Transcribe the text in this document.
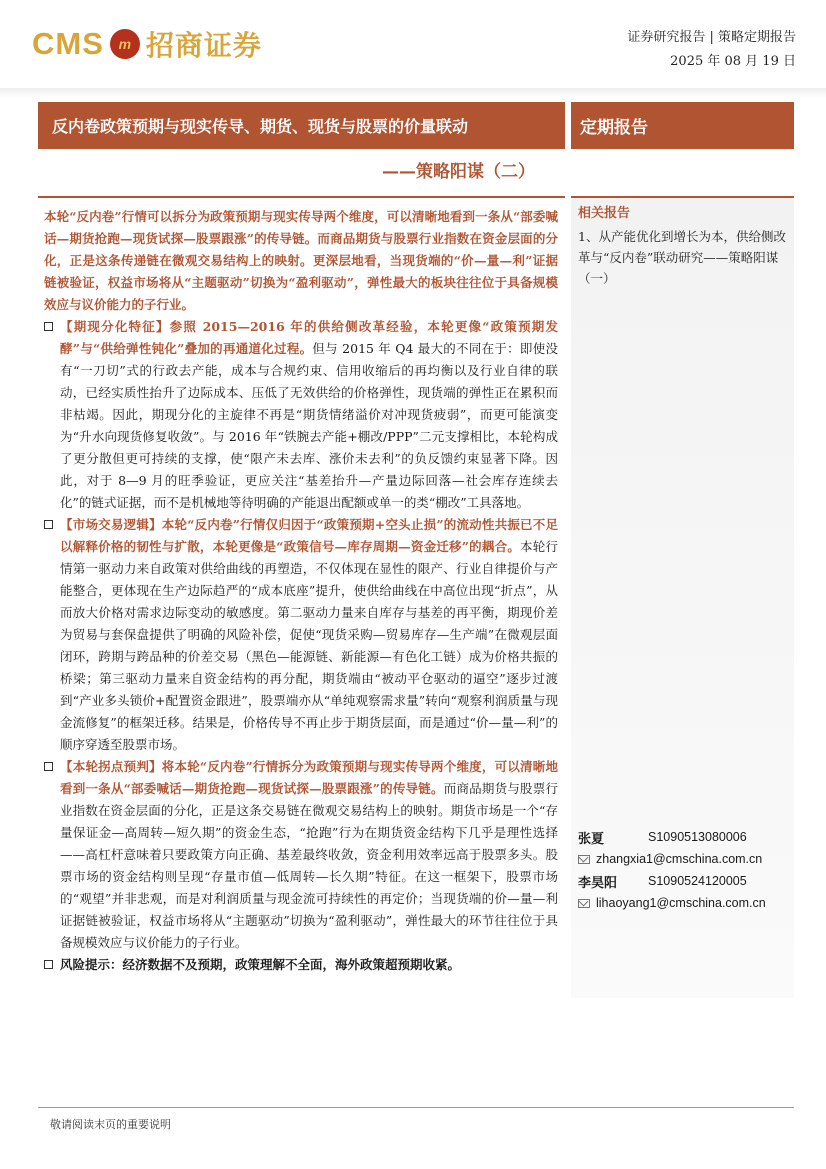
CMS	m 招商证券	证券研究报告 | 策略定期报告
2025 年 08 月 19 日
反内卷政策预期与现实传导、期货、现货与股票的价量联动	定期报告
——策略阳谋（二）

本轮“反内卷”行情可以拆分为政策预期与现实传导两个维度，可以清晰地看到一条从“部委喊话—期货抢跑—现货试探—股票跟涨”的传导链。而商品期货与股票行业指数在资金层面的分化，正是这条传递链在微观交易结构上的映射。更深层地看，当现货端的“价—量—利”证据链被验证，权益市场将从“主题驱动”切换为“盈利驱动”，弹性最大的板块往往位于具备规模效应与议价能力的子行业。

【期现分化特征】参照 2015—2016 年的供给侧改革经验，本轮更像“政策预期发酵”与“供给弹性钝化”叠加的再通道化过程。但与 2015 年 Q4 最大的不同在于：即使没有“一刀切”式的行政去产能，成本与合规约束、信用收缩后的再均衡以及行业自律的联动，已经实质性抬升了边际成本、压低了无效供给的价格弹性，现货端的弹性正在累积而非枯竭。因此，期现分化的主旋律不再是“期货情绪溢价对冲现货疲弱”，而更可能演变为“升水向现货修复收敛”。与 2016 年“铁腕去产能+棚改/PPP”二元支撑相比，本轮构成了更分散但更可持续的支撑，使“限产未去库、涨价未去利”的负反馈约束显著下降。因此，对于 8—9 月的旺季验证，更应关注“基差抬升—产量边际回落—社会库存连续去化”的链式证据，而不是机械地等待明确的产能退出配额或单一的类“棚改”工具落地。

【市场交易逻辑】本轮“反内卷”行情仅归因于“政策预期+空头止损”的流动性共振已不足以解释价格的韧性与扩散，本轮更像是“政策信号—库存周期—资金迁移”的耦合。本轮行情第一驱动力来自政策对供给曲线的再塑造，不仅体现在显性的限产、行业自律提价与产能整合，更体现在生产边际趋严的“成本底座”提升，使供给曲线在中高位出现“折点”，从而放大价格对需求边际变动的敏感度。第二驱动力量来自库存与基差的再平衡，期现价差为贸易与套保盘提供了明确的风险补偿，促使“现货采购—贸易库存—生产端”在微观层面闭环，跨期与跨品种的价差交易（黑色—能源链、新能源—有色化工链）成为价格共振的桥梁；第三驱动力量来自资金结构的再分配，期货端由“被动平仓驱动的逼空”逐步过渡到“产业多头锁价+配置资金跟进”，股票端亦从“单纯观察需求量”转向“观察利润质量与现金流修复”的框架迁移。结果是，价格传导不再止步于期货层面，而是通过“价—量—利”的顺序穿透至股票市场。

【本轮拐点预判】将本轮“反内卷”行情拆分为政策预期与现实传导两个维度，可以清晰地看到一条从“部委喊话—期货抢跑—现货试探—股票跟涨”的传导链。而商品期货与股票行业指数在资金层面的分化，正是这条交易链在微观交易结构上的映射。期货市场是一个“存量保证金—高周转—短久期”的资金生态，“抢跑”行为在期货资金结构下几乎是理性选择——高杠杆意味着只要政策方向正确、基差最终收敛，资金利用效率远高于股票多头。股票市场的资金结构则呈现“存量市值—低周转—长久期”特征。在这一框架下，股票市场的“观望”并非悲观，而是对利润质量与现金流可持续性的再定价；当现货端的价—量—利证据链被验证，权益市场将从“主题驱动”切换为“盈利驱动”，弹性最大的环节往往位于具备规模效应与议价能力的子行业。

风险提示：经济数据不及预期，政策理解不全面，海外政策超预期收紧。

相关报告
1、从产能优化到增长为本，供给侧改革与“反内卷”联动研究——策略阳谋（一）
张夏	S1090513080006
zhangxia1@cmschina.com.cn
李昊阳	S1090524120005
lihaoyang1@cmschina.com.cn
敬请阅读末页的重要说明
